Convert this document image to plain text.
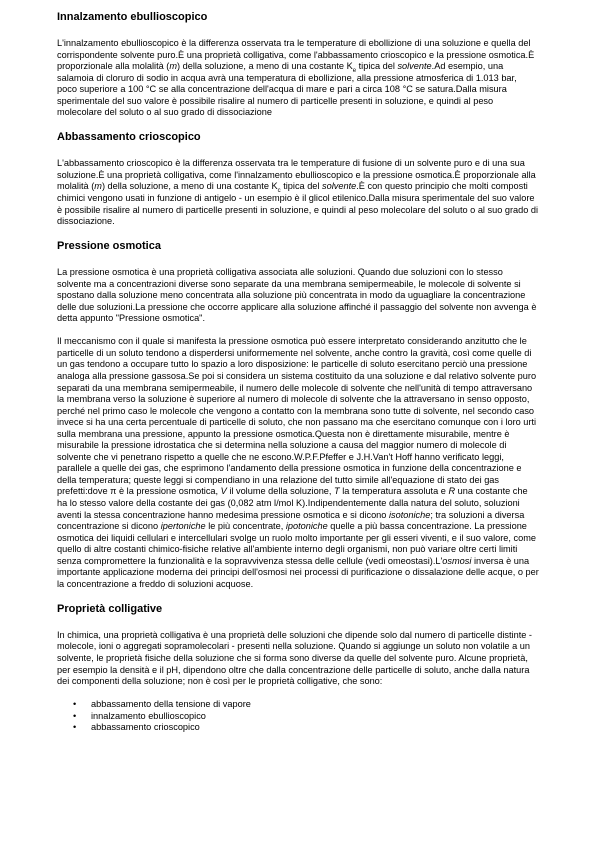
Innalzamento ebullioscopico

L'innalzamento ebullioscopico è la differenza osservata tra le temperature di ebollizione di una soluzione e quella del corrispondente solvente puro.È una proprietà colligativa, come l'abbassamento crioscopico e la pressione osmotica.È proporzionale alla molalità (m) della soluzione, a meno di una costante $K_e$ tipica del solvente.Ad esempio, una salamoia di cloruro di sodio in acqua avrà una temperatura di ebollizione, alla pressione atmosferica di 1.013 bar, poco superiore a 100 °C se alla concentrazione dell'acqua di mare e pari a circa 108 °C se satura.Dalla misura sperimentale del suo valore è possibile risalire al numero di particelle presenti in soluzione, e quindi al peso molecolare del soluto o al suo grado di dissociazione

Abbassamento crioscopico

L'abbassamento crioscopico è la differenza osservata tra le temperature di fusione di un solvente puro e di una sua soluzione.È una proprietà colligativa, come l'innalzamento ebullioscopico e la pressione osmotica.È proporzionale alla molalità (m) della soluzione, a meno di una costante $K_c$ tipica del solvente.È con questo principio che molti composti chimici vengono usati in funzione di antigelo - un esempio è il glicol etilenico.Dalla misura sperimentale del suo valore è possibile risalire al numero di particelle presenti in soluzione, e quindi al peso molecolare del soluto o al suo grado di dissociazione.

Pressione osmotica

La pressione osmotica è una proprietà colligativa associata alle soluzioni. Quando due soluzioni con lo stesso solvente ma a concentrazioni diverse sono separate da una membrana semipermeabile, le molecole di solvente si spostano dalla soluzione meno concentrata alla soluzione più concentrata in modo da uguagliare la concentrazione delle due soluzioni.La pressione che occorre applicare alla soluzione affinché il passaggio del solvente non avvenga è detta appunto "Pressione osmotica".

Il meccanismo con il quale si manifesta la pressione osmotica può essere interpretato considerando anzitutto che le particelle di un soluto tendono a disperdersi uniformemente nel solvente, anche contro la gravità, così come quelle di un gas tendono a occupare tutto lo spazio a loro disposizione: le particelle di soluto esercitano perciò una pressione analoga alla pressione gassosa.Se poi si considera un sistema costituito da una soluzione e dal relativo solvente puro separati da una membrana semipermeabile, il numero delle molecole di solvente che nell'unità di tempo attraversano la membrana verso la soluzione è superiore al numero di molecole di solvente che la attraversano in senso opposto, perché nel primo caso le molecole che vengono a contatto con la membrana sono tutte di solvente, nel secondo caso invece si ha una certa percentuale di particelle di soluto, che non passano ma che esercitano comunque con i loro urti sulla membrana una pressione, appunto la pressione osmotica.Questa non è direttamente misurabile, mentre è misurabile la pressione idrostatica che si determina nella soluzione a causa del maggior numero di molecole di solvente che vi penetrano rispetto a quelle che ne escono.W.P.F.Pfeffer e J.H.Van't Hoff hanno verificato leggi, parallele a quelle dei gas, che esprimono l'andamento della pressione osmotica in funzione della concentrazione e della temperatura; queste leggi si compendiano in una relazione del tutto simile all'equazione di stato dei gas prefetti:dove π è la pressione osmotica, V il volume della soluzione, T la temperatura assoluta e R una costante che ha lo stesso valore della costante dei gas (0,082 atm l/mol K).Indipendentemente dalla natura del soluto, soluzioni aventi la stessa concentrazione hanno medesima pressione osmotica e si dicono isotoniche; tra soluzioni a diversa concentrazione si dicono ipertoniche le più concentrate, ipotoniche quelle a più bassa concentrazione. La pressione osmotica dei liquidi cellulari e intercellulari svolge un ruolo molto importante per gli esseri viventi, e il suo valore, come quello di altre costanti chimico-fisiche relative all'ambiente interno degli organismi, non può variare oltre certi limiti senza compromettere la funzionalità e la sopravvivenza stessa delle cellule (vedi omeostasi).L'osmosi inversa è una importante applicazione moderna dei principi dell'osmosi nei processi di purificazione o dissalazione delle acque, o per la concentrazione a freddo di soluzioni acquose.

Proprietà colligative

In chimica, una proprietà colligativa è una proprietà delle soluzioni che dipende solo dal numero di particelle distinte - molecole, ioni o aggregati sopramolecolari - presenti nella soluzione. Quando si aggiunge un soluto non volatile a un solvente, le proprietà fisiche della soluzione che si forma sono diverse da quelle del solvente puro. Alcune proprietà, per esempio la densità e il pH, dipendono oltre che dalla concentrazione delle particelle di soluto, anche dalla natura dei componenti della soluzione; non è così per le proprietà colligative, che sono:

• abbassamento della tensione di vapore
• innalzamento ebullioscopico
• abbassamento crioscopico
